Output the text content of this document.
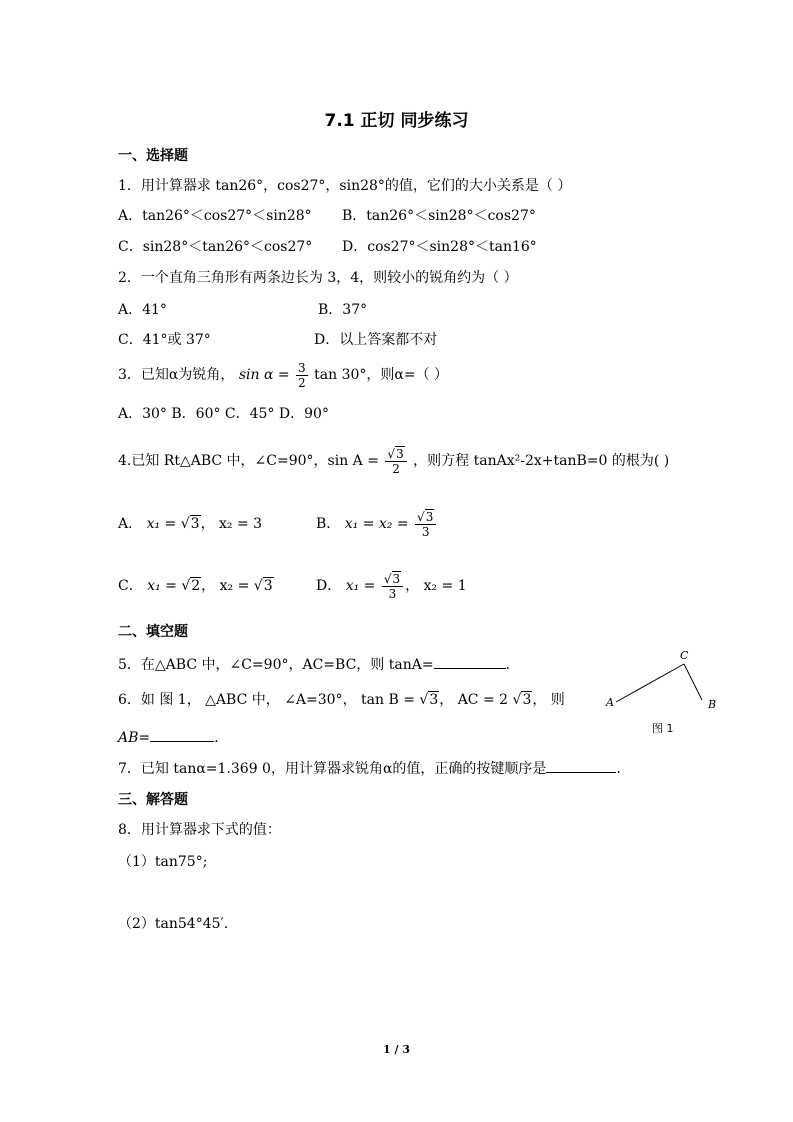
7.1 正切 同步练习
一、选择题
1．用计算器求 tan26°，cos27°，sin28°的值，它们的大小关系是（ ）
A．tan26°＜cos27°＜sin28° B．tan26°＜sin28°＜cos27°
C．sin28°＜tan26°＜cos27° D．cos27°＜sin28°＜tan16°
2．一个直角三角形有两条边长为 3，4，则较小的锐角约为（ ）
A．41°	B．37°
C．41°或 37°	D．以上答案都不对
3．已知α为锐角， $\sin \alpha = \frac{3}{2}$ tan 30°，则α=（ ）
A．30° B．60° C．45° D．90°
4.已知 Rt△ABC 中，∠C=90°，$\sin A = \frac{√3}{2}$ ，则方程 tanAx²-2x+tanB=0 的根为( )
A． x₁ = √3， x₂ = 3	B． $x_1 = x_2 = \frac{√3}{3}$
C． x₁ = √2， x₂ = √3	D． $x_1 = \frac{√3}{3}$ ， x₂ = 1
二、填空题
5．在△ABC 中，∠C=90°，AC=BC，则 tanA=	.
6．如 图 1， △ABC 中， ∠A=30°， tan B = √3， AC = 2 √3， 则
AB=	.
A	B
C
图 1
7．已知 tanα=1.369 0，用计算器求锐角α的值，正确的按键顺序是	.
三、解答题
8．用计算器求下式的值：
（1）tan75°;
（2）tan54°45′.
1 / 3
